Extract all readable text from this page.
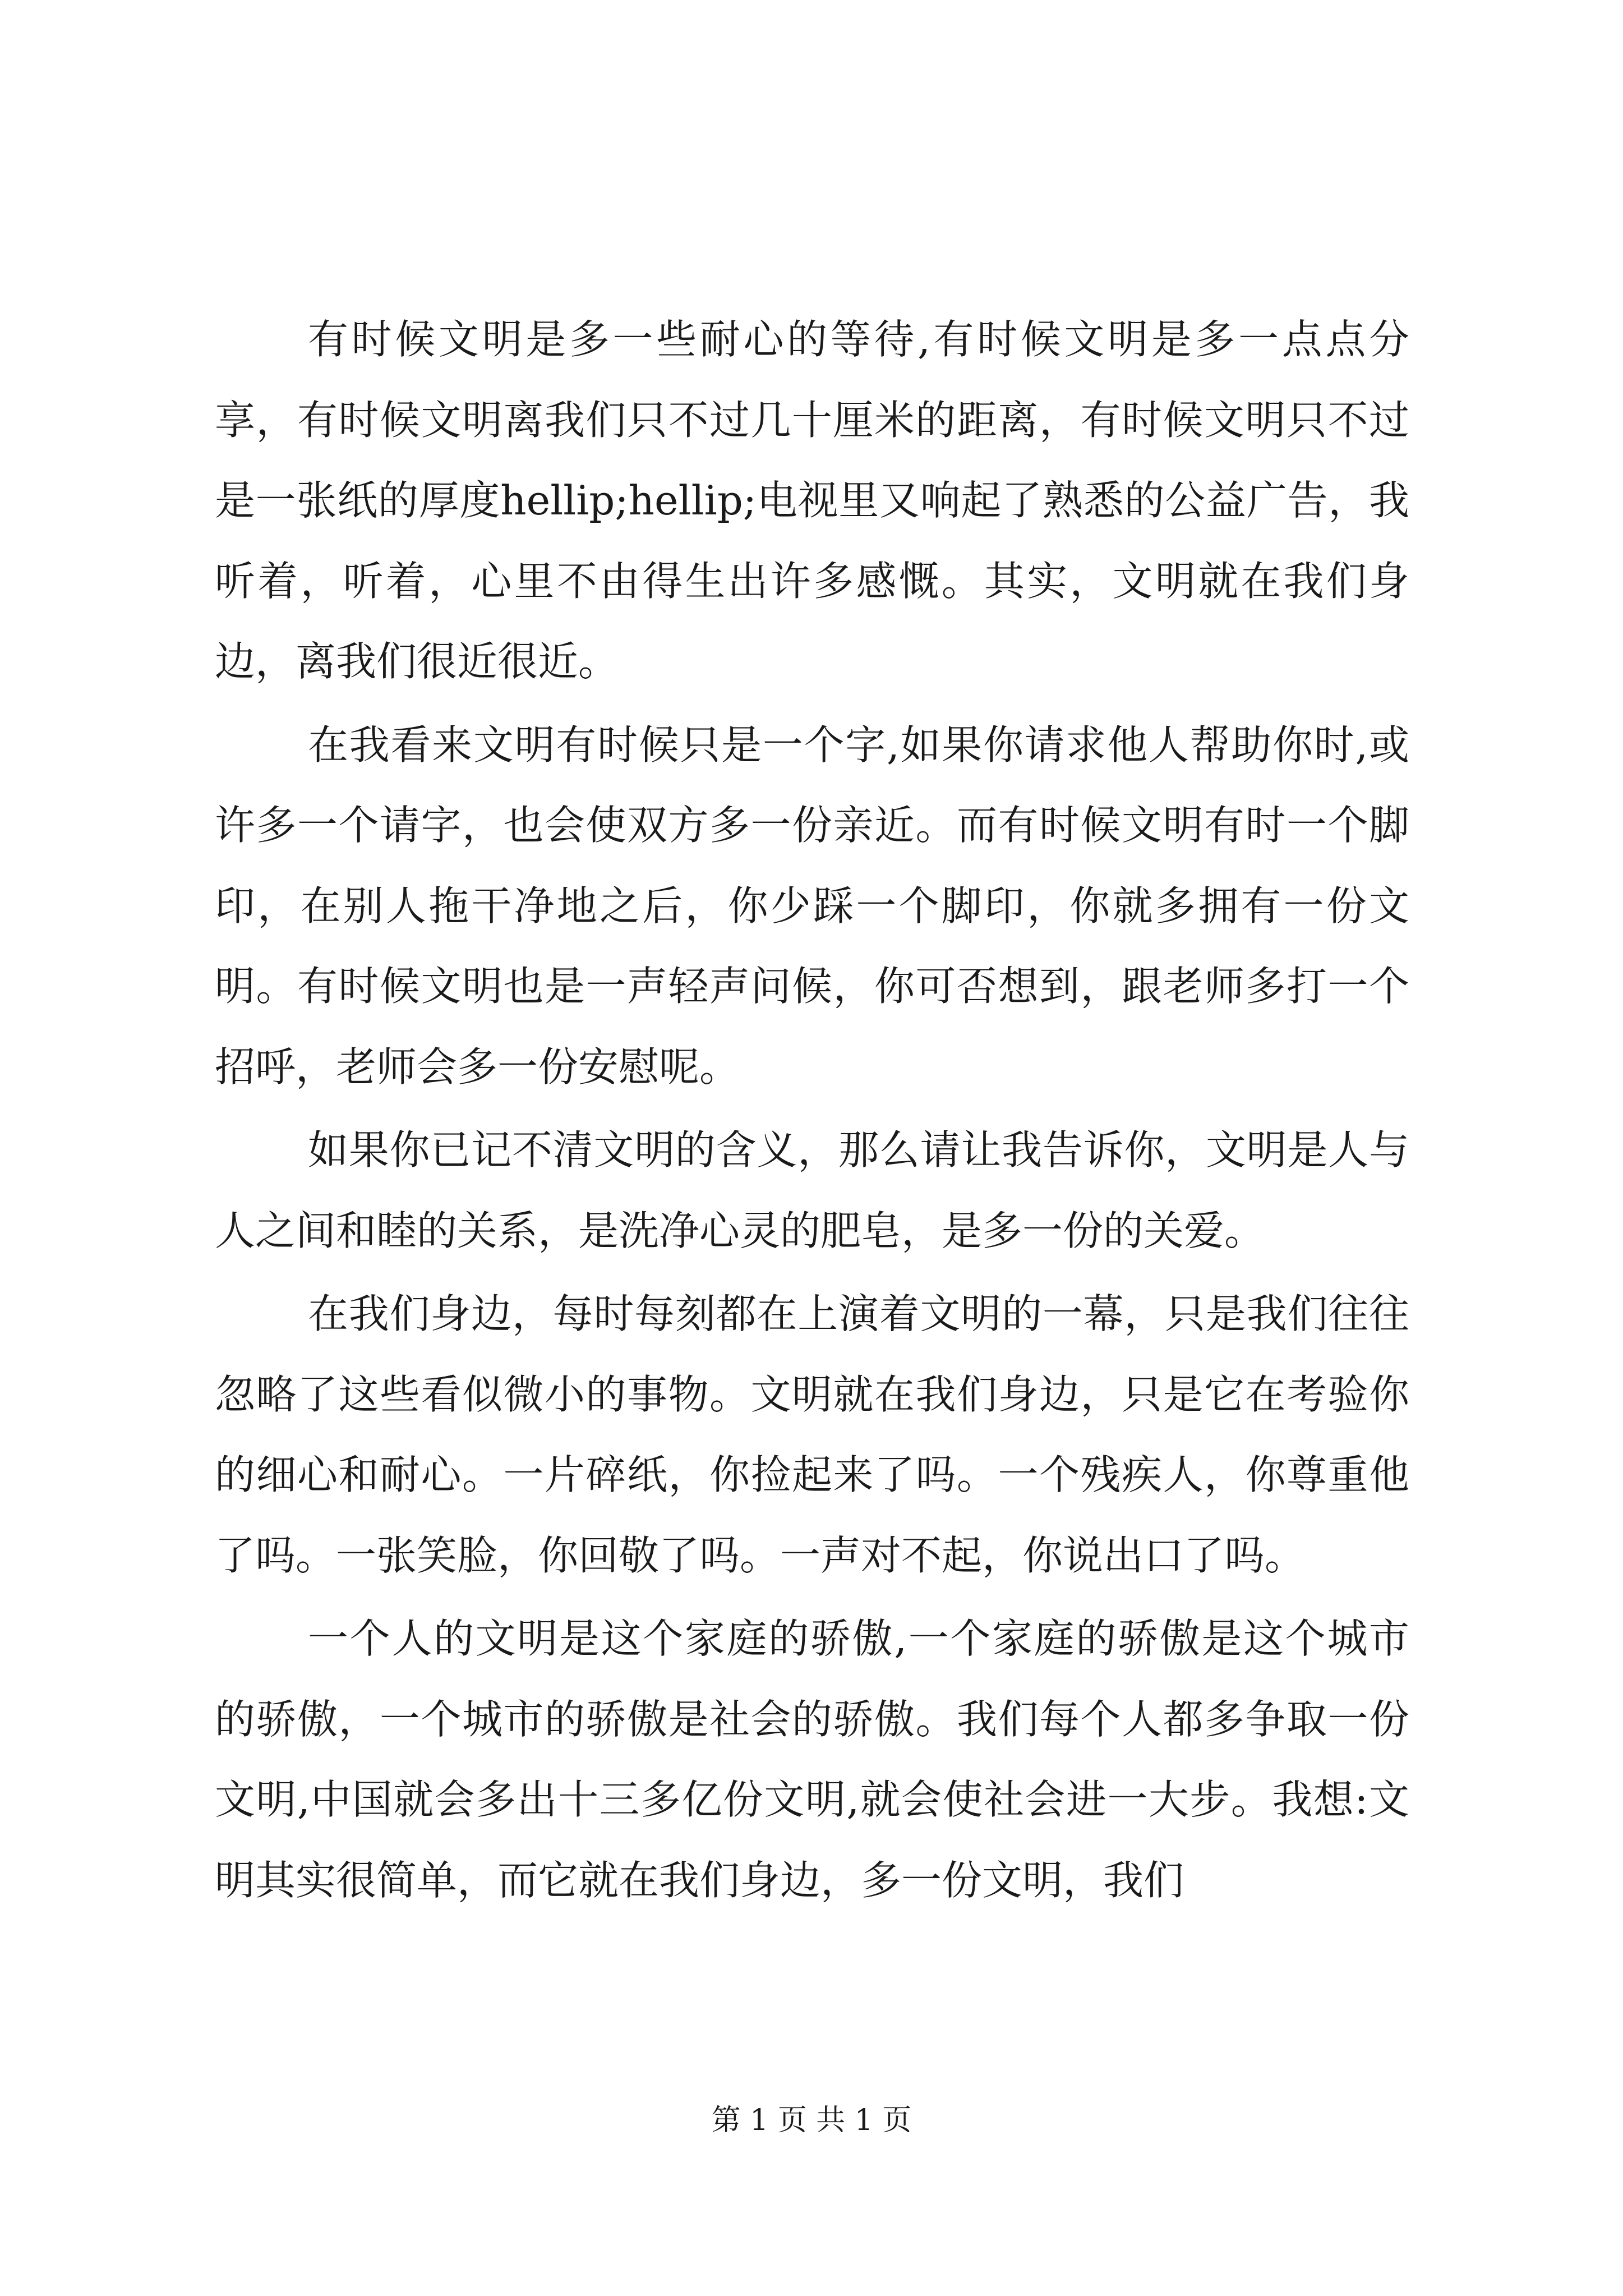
有时候文明是多一些耐心的等待,有时候文明是多一点点分享，有时候文明离我们只不过几十厘米的距离，有时候文明只不过是一张纸的厚度hellip;hellip;电视里又响起了熟悉的公益广告，我听着，听着，心里不由得生出许多感慨。其实，文明就在我们身边，离我们很近很近。

在我看来文明有时候只是一个字,如果你请求他人帮助你时,或许多一个请字，也会使双方多一份亲近。而有时候文明有时一个脚印，在别人拖干净地之后，你少踩一个脚印，你就多拥有一份文明。有时候文明也是一声轻声问候，你可否想到，跟老师多打一个招呼，老师会多一份安慰呢。

如果你已记不清文明的含义，那么请让我告诉你，文明是人与人之间和睦的关系，是洗净心灵的肥皂，是多一份的关爱。

在我们身边，每时每刻都在上演着文明的一幕，只是我们往往忽略了这些看似微小的事物。文明就在我们身边，只是它在考验你的细心和耐心。一片碎纸，你捡起来了吗。一个残疾人，你尊重他了吗。一张笑脸，你回敬了吗。一声对不起，你说出口了吗。

一个人的文明是这个家庭的骄傲,一个家庭的骄傲是这个城市的骄傲，一个城市的骄傲是社会的骄傲。我们每个人都多争取一份文明,中国就会多出十三多亿份文明,就会使社会进一大步。我想:文明其实很简单，而它就在我们身边，多一份文明，我们

第 1 页 共 1 页
